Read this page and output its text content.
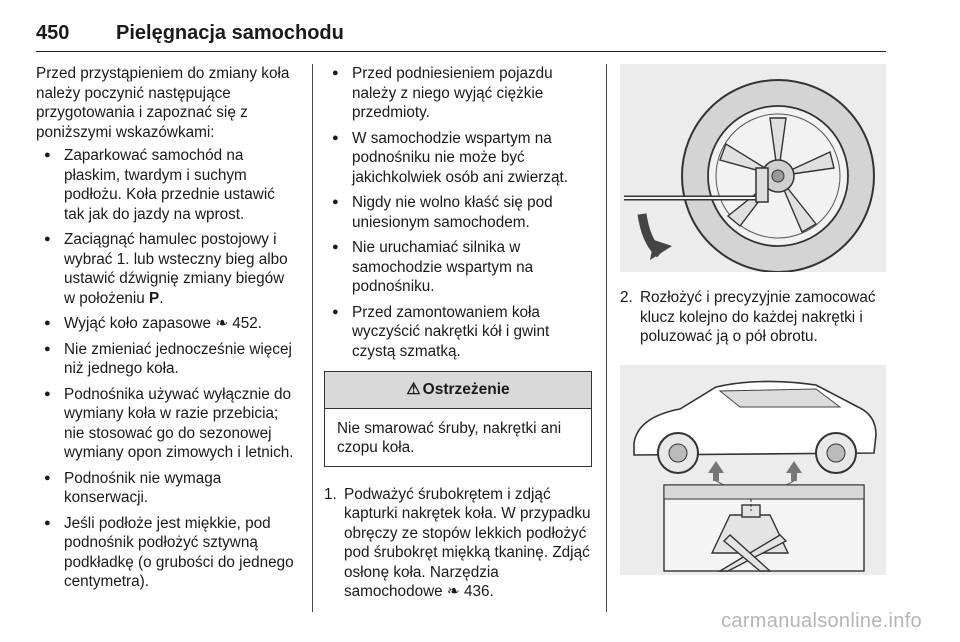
450 Pielęgnacja samochodu

Przed przystąpieniem do zmiany koła należy poczynić następujące przygotowania i zapoznać się z poniższymi wskazówkami:

● Zaparkować samochód na płaskim, twardym i suchym podłożu. Koła przednie ustawić tak jak do jazdy na wprost.
● Zaciągnąć hamulec postojowy i wybrać 1. lub wsteczny bieg albo ustawić dźwignię zmiany biegów w położeniu P.
● Wyjąć koło zapasowe ❧ 452.
● Nie zmieniać jednocześnie więcej niż jednego koła.
● Podnośnika używać wyłącznie do wymiany koła w razie przebicia; nie stosować go do sezonowej wymiany opon zimowych i letnich.
● Podnośnik nie wymaga konserwacji.
● Jeśli podłoże jest miękkie, pod podnośnik podłożyć sztywną podkładkę (o grubości do jednego centymetra).
● Przed podniesieniem pojazdu należy z niego wyjąć ciężkie przedmioty.
● W samochodzie wspartym na podnośniku nie może być jakichkolwiek osób ani zwierząt.
● Nigdy nie wolno kłaść się pod uniesionym samochodem.
● Nie uruchamiać silnika w samochodzie wspartym na podnośniku.
● Przed zamontowaniem koła wyczyścić nakrętki kół i gwint czystą szmatką.
⚠ Ostrzeżenie
Nie smarować śruby, nakrętki ani czopu koła.
1. Podważyć śrubokrętem i zdjąć kapturki nakrętek koła. W przypadku obręczy ze stopów lekkich podłożyć pod śrubokręt miękką tkaninę. Zdjąć osłonę koła. Narzędzia samochodowe ❧ 436.
2. Rozłożyć i precyzyjnie zamocować klucz kolejno do każdej nakrętki i poluzować ją o pół obrotu.
carmanualsonline.info
